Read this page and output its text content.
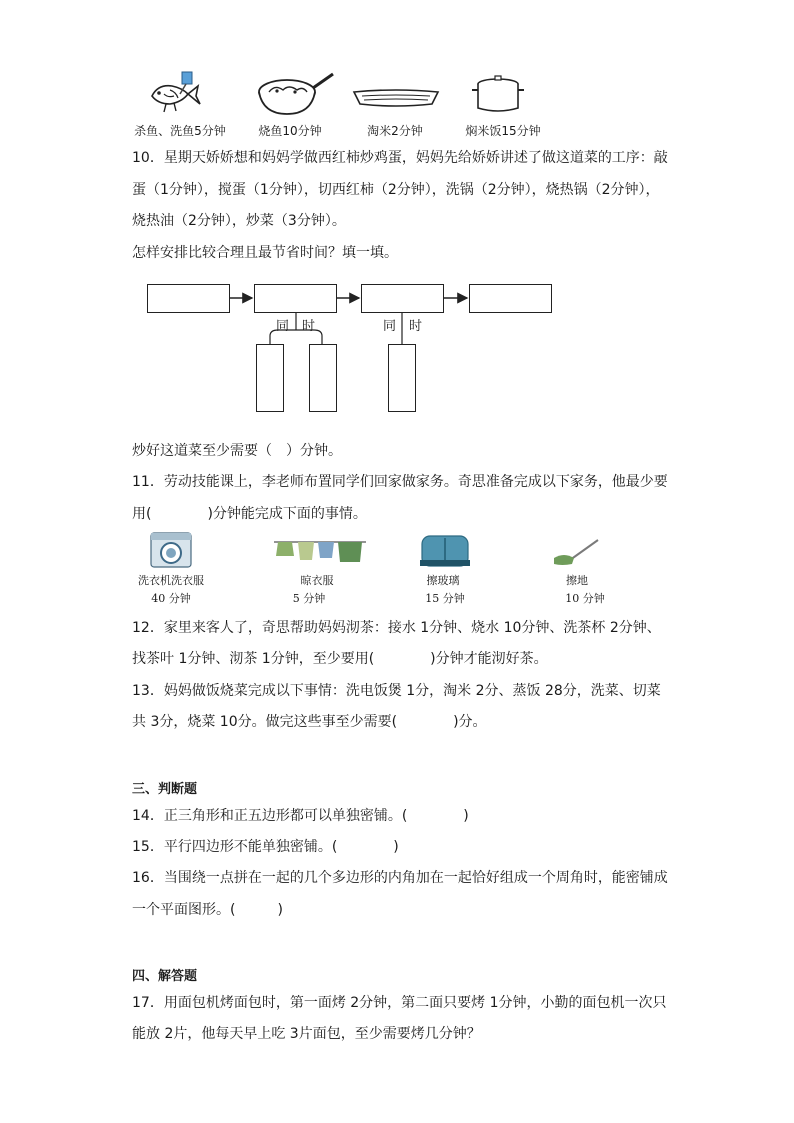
杀鱼、洗鱼5分钟	烧鱼10分钟	淘米2分钟	焖米饭15分钟
10．星期天娇娇想和妈妈学做西红柿炒鸡蛋，妈妈先给娇娇讲述了做这道菜的工序：敲
蛋（1分钟），搅蛋（1分钟），切西红柿（2分钟），洗锅（2分钟），烧热锅（2分钟），
烧热油（2分钟），炒菜（3分钟）。
怎样安排比较合理且最节省时间？填一填。
同 时	同 时
炒好这道菜至少需要（　）分钟。
11．劳动技能课上，李老师布置同学们回家做家务。奇思准备完成以下家务，他最少要
用(　　　　)分钟能完成下面的事情。
洗衣机洗衣服	晾衣服	擦玻璃	擦地
40 分钟	5 分钟	15 分钟	10 分钟
12．家里来客人了，奇思帮助妈妈沏茶：接水 1分钟、烧水 10分钟、洗茶杯 2分钟、
找茶叶 1分钟、沏茶 1分钟，至少要用(　　　　)分钟才能沏好茶。
13．妈妈做饭烧菜完成以下事情：洗电饭煲 1分，淘米 2分、蒸饭 28分，洗菜、切菜
共 3分，烧菜 10分。做完这些事至少需要(　　　　)分。
三、判断题
14．正三角形和正五边形都可以单独密铺。(　　　　)
15．平行四边形不能单独密铺。(　　　　)
16．当围绕一点拼在一起的几个多边形的内角加在一起恰好组成一个周角时，能密铺成
一个平面图形。(　　　)
四、解答题
17．用面包机烤面包时，第一面烤 2分钟，第二面只要烤 1分钟，小勤的面包机一次只
能放 2片，他每天早上吃 3片面包，至少需要烤几分钟？
